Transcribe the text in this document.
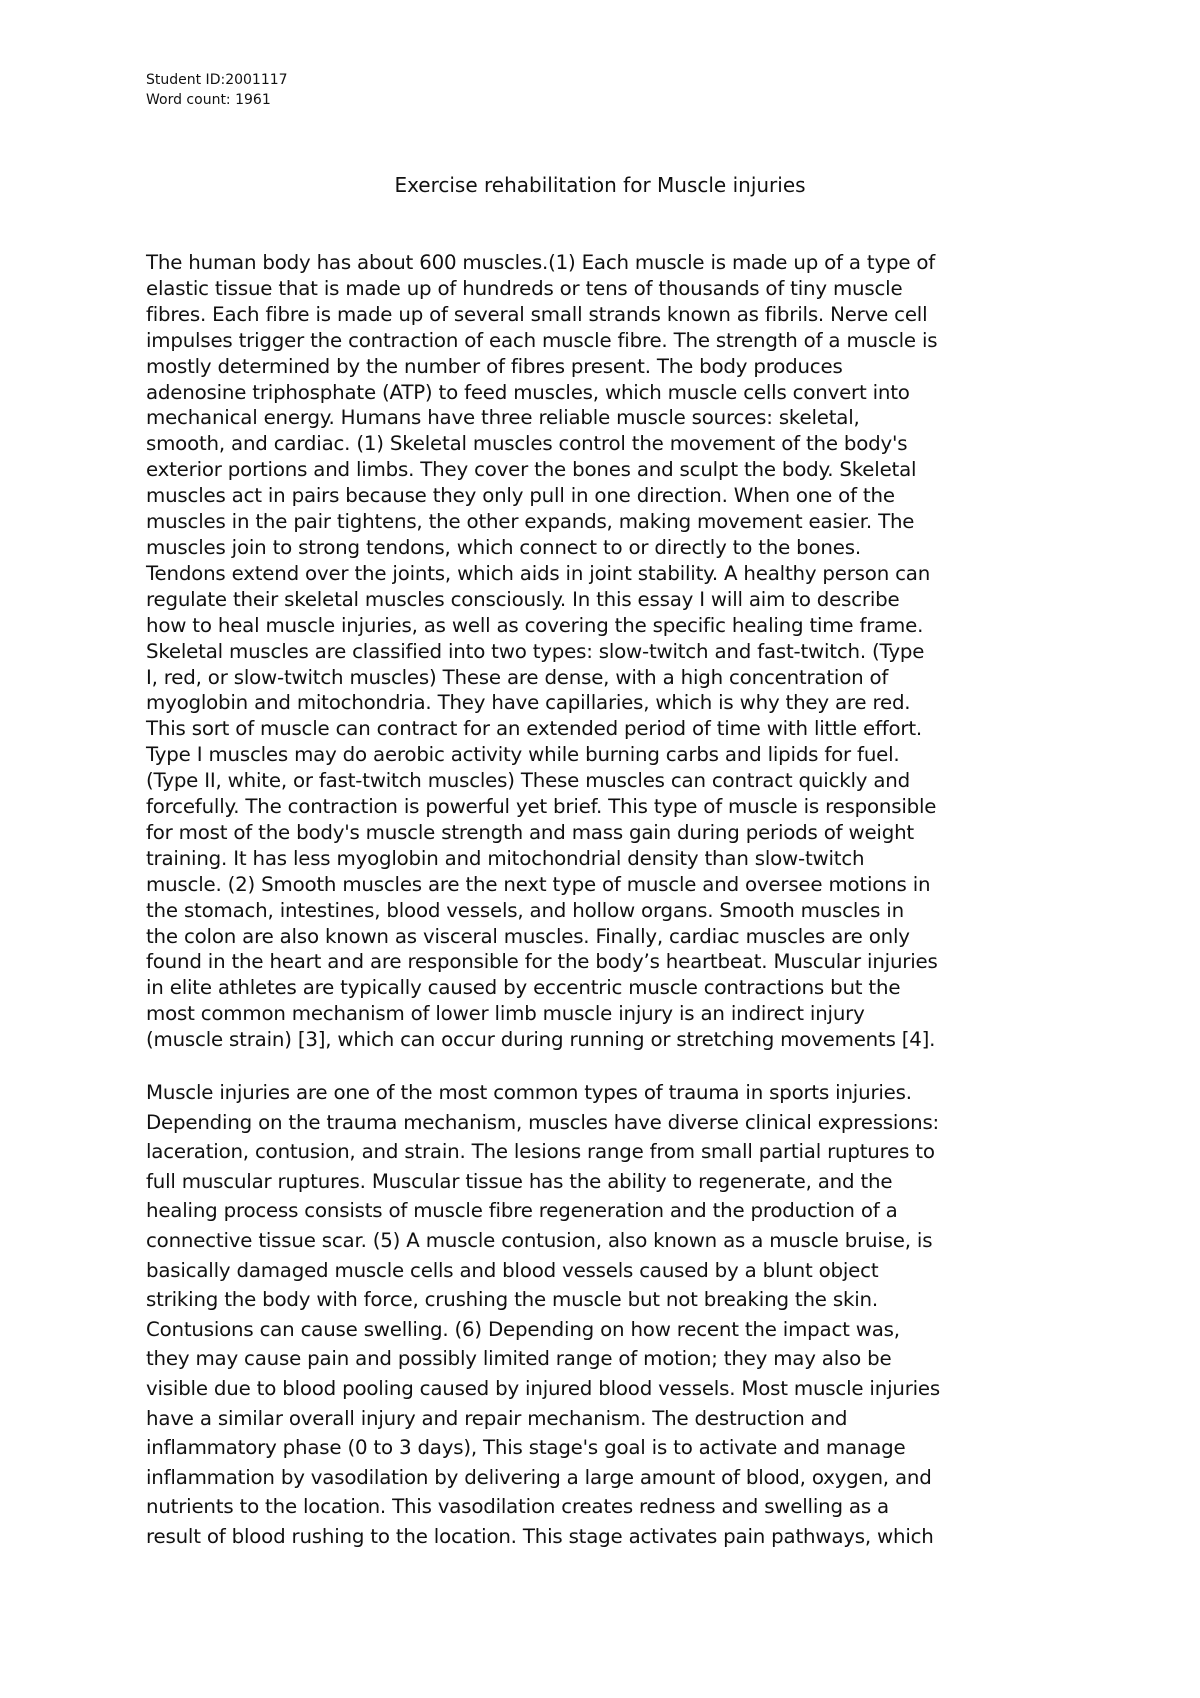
Student ID:2001117
Word count: 1961
Exercise rehabilitation for Muscle injuries

The human body has about 600 muscles.(1) Each muscle is made up of a type of
elastic tissue that is made up of hundreds or tens of thousands of tiny muscle
fibres. Each fibre is made up of several small strands known as fibrils. Nerve cell
impulses trigger the contraction of each muscle fibre. The strength of a muscle is
mostly determined by the number of fibres present. The body produces
adenosine triphosphate (ATP) to feed muscles, which muscle cells convert into
mechanical energy. Humans have three reliable muscle sources: skeletal,
smooth, and cardiac. (1) Skeletal muscles control the movement of the body's
exterior portions and limbs. They cover the bones and sculpt the body. Skeletal
muscles act in pairs because they only pull in one direction. When one of the
muscles in the pair tightens, the other expands, making movement easier. The
muscles join to strong tendons, which connect to or directly to the bones.
Tendons extend over the joints, which aids in joint stability. A healthy person can
regulate their skeletal muscles consciously. In this essay I will aim to describe
how to heal muscle injuries, as well as covering the specific healing time frame.
Skeletal muscles are classified into two types: slow-twitch and fast-twitch. (Type
I, red, or slow-twitch muscles) These are dense, with a high concentration of
myoglobin and mitochondria. They have capillaries, which is why they are red.
This sort of muscle can contract for an extended period of time with little effort.
Type I muscles may do aerobic activity while burning carbs and lipids for fuel.
(Type II, white, or fast-twitch muscles) These muscles can contract quickly and
forcefully. The contraction is powerful yet brief. This type of muscle is responsible
for most of the body's muscle strength and mass gain during periods of weight
training. It has less myoglobin and mitochondrial density than slow-twitch
muscle. (2) Smooth muscles are the next type of muscle and oversee motions in
the stomach, intestines, blood vessels, and hollow organs. Smooth muscles in
the colon are also known as visceral muscles. Finally, cardiac muscles are only
found in the heart and are responsible for the body’s heartbeat. Muscular injuries
in elite athletes are typically caused by eccentric muscle contractions but the
most common mechanism of lower limb muscle injury is an indirect injury
(muscle strain) [3], which can occur during running or stretching movements [4].

Muscle injuries are one of the most common types of trauma in sports injuries.
Depending on the trauma mechanism, muscles have diverse clinical expressions:
laceration, contusion, and strain. The lesions range from small partial ruptures to
full muscular ruptures. Muscular tissue has the ability to regenerate, and the
healing process consists of muscle fibre regeneration and the production of a
connective tissue scar. (5) A muscle contusion, also known as a muscle bruise, is
basically damaged muscle cells and blood vessels caused by a blunt object
striking the body with force, crushing the muscle but not breaking the skin.
Contusions can cause swelling. (6) Depending on how recent the impact was,
they may cause pain and possibly limited range of motion; they may also be
visible due to blood pooling caused by injured blood vessels. Most muscle injuries
have a similar overall injury and repair mechanism. The destruction and
inflammatory phase (0 to 3 days), This stage's goal is to activate and manage
inflammation by vasodilation by delivering a large amount of blood, oxygen, and
nutrients to the location. This vasodilation creates redness and swelling as a
result of blood rushing to the location. This stage activates pain pathways, which
